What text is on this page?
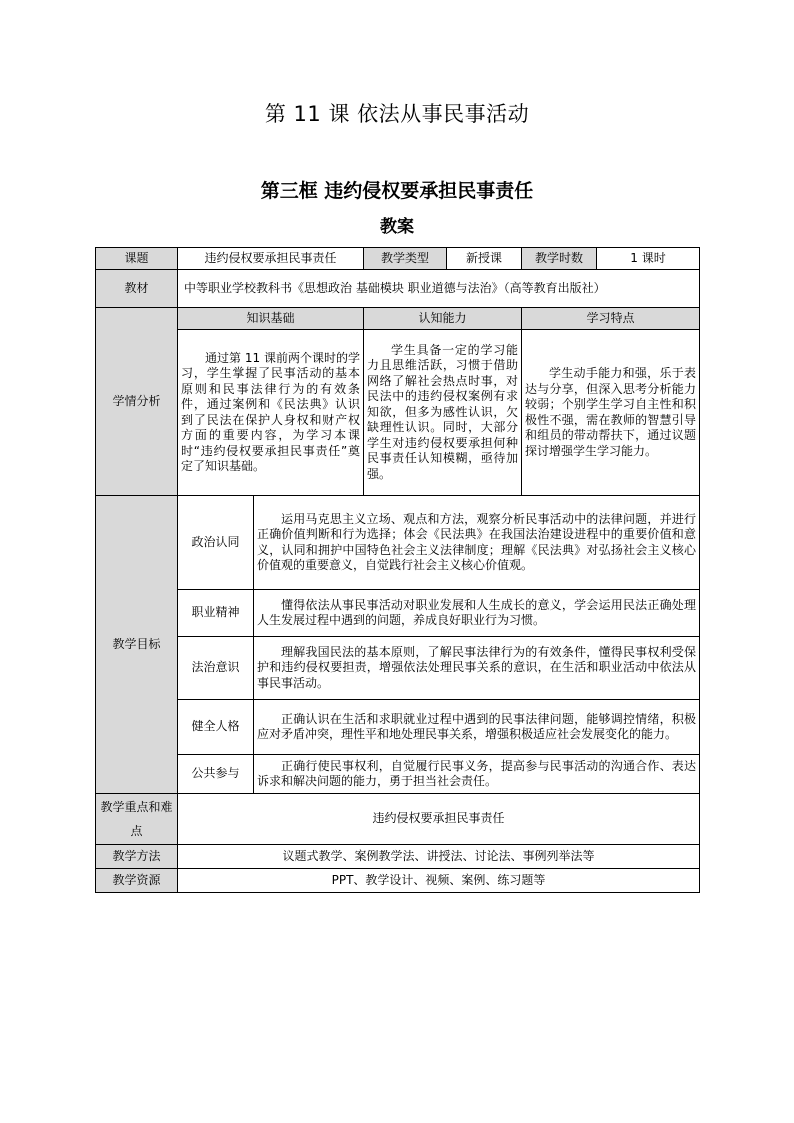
第 11 课 依法从事民事活动
第三框 违约侵权要承担民事责任
教案
课题	违约侵权要承担民事责任		教学类型	新授课	教学时数	1 课时
教材	中等职业学校教科书《思想政治 基础模块 职业道德与法治》（高等教育出版社）					
学情分析	知识基础		认知能力		学习特点	
	通过第 11 课前两个课时的学习，学生掌握了民事活动的基本原则和民事法律行为的有效条件，通过案例和《民法典》认识到了民法在保护人身权和财产权方面的重要内容，为学习本课时“违约侵权要承担民事责任”奠定了知识基础。		学生具备一定的学习能力且思维活跃，习惯于借助网络了解社会热点时事，对民法中的违约侵权案例有求知欲，但多为感性认识，欠缺理性认识。同时，大部分学生对违约侵权要承担何种民事责任认知模糊，亟待加强。		学生动手能力和强，乐于表达与分享，但深入思考分析能力较弱；个别学生学习自主性和积极性不强，需在教师的智慧引导和组员的带动帮扶下，通过议题探讨增强学生学习能力。	
教学目标	政治认同	运用马克思主义立场、观点和方法，观察分析民事活动中的法律问题，并进行正确价值判断和行为选择；体会《民法典》在我国法治建设进程中的重要价值和意义，认同和拥护中国特色社会主义法律制度；理解《民法典》对弘扬社会主义核心价值观的重要意义，自觉践行社会主义核心价值观。				
	职业精神	懂得依法从事民事活动对职业发展和人生成长的意义，学会运用民法正确处理人生发展过程中遇到的问题，养成良好职业行为习惯。				
	法治意识	理解我国民法的基本原则，了解民事法律行为的有效条件，懂得民事权利受保护和违约侵权要担责，增强依法处理民事关系的意识，在生活和职业活动中依法从事民事活动。				
	健全人格	正确认识在生活和求职就业过程中遇到的民事法律问题，能够调控情绪，积极应对矛盾冲突，理性平和地处理民事关系，增强积极适应社会发展变化的能力。				
	公共参与	正确行使民事权利，自觉履行民事义务，提高参与民事活动的沟通合作、表达诉求和解决问题的能力，勇于担当社会责任。				
教学重点和难点	违约侵权要承担民事责任					
教学方法	议题式教学、案例教学法、讲授法、讨论法、事例列举法等					
教学资源	PPT、教学设计、视频、案例、练习题等					
